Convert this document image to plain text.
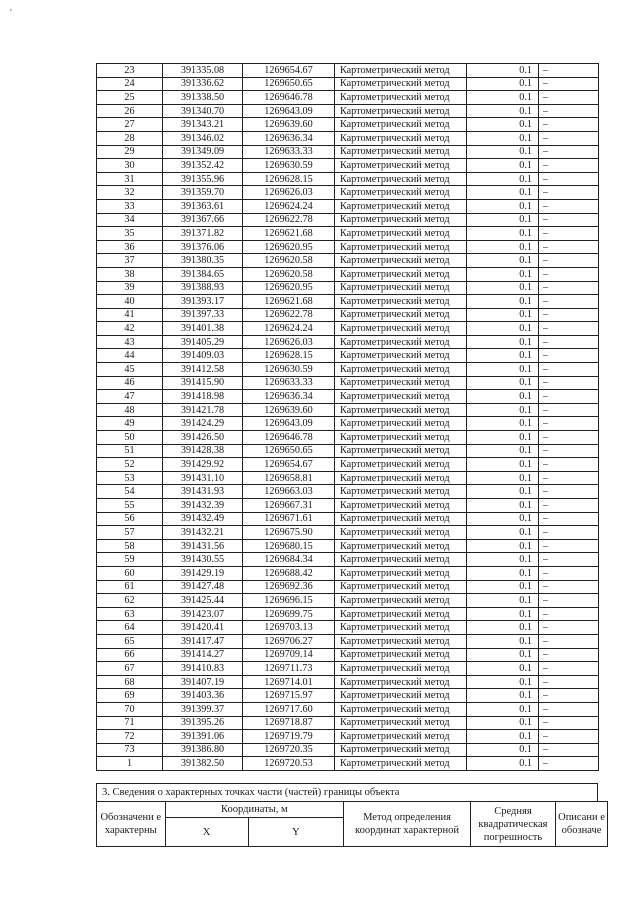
'
23	391335.08	1269654.67	Картометрический метод	0.1	–
24	391336.62	1269650.65	Картометрический метод	0.1	–
25	391338.50	1269646.78	Картометрический метод	0.1	–
26	391340.70	1269643.09	Картометрический метод	0.1	–
27	391343.21	1269639.60	Картометрический метод	0.1	–
28	391346.02	1269636.34	Картометрический метод	0.1	–
29	391349.09	1269633.33	Картометрический метод	0.1	–
30	391352.42	1269630.59	Картометрический метод	0.1	–
31	391355.96	1269628.15	Картометрический метод	0.1	–
32	391359.70	1269626.03	Картометрический метод	0.1	–
33	391363.61	1269624.24	Картометрический метод	0.1	–
34	391367.66	1269622.78	Картометрический метод	0.1	–
35	391371.82	1269621.68	Картометрический метод	0.1	–
36	391376.06	1269620.95	Картометрический метод	0.1	–
37	391380.35	1269620.58	Картометрический метод	0.1	–
38	391384.65	1269620.58	Картометрический метод	0.1	–
39	391388.93	1269620.95	Картометрический метод	0.1	–
40	391393.17	1269621.68	Картометрический метод	0.1	–
41	391397.33	1269622.78	Картометрический метод	0.1	–
42	391401.38	1269624.24	Картометрический метод	0.1	–
43	391405.29	1269626.03	Картометрический метод	0.1	–
44	391409.03	1269628.15	Картометрический метод	0.1	–
45	391412.58	1269630.59	Картометрический метод	0.1	–
46	391415.90	1269633.33	Картометрический метод	0.1	–
47	391418.98	1269636.34	Картометрический метод	0.1	–
48	391421.78	1269639.60	Картометрический метод	0.1	–
49	391424.29	1269643.09	Картометрический метод	0.1	–
50	391426.50	1269646.78	Картометрический метод	0.1	–
51	391428.38	1269650.65	Картометрический метод	0.1	–
52	391429.92	1269654.67	Картометрический метод	0.1	–
53	391431.10	1269658.81	Картометрический метод	0.1	–
54	391431.93	1269663.03	Картометрический метод	0.1	–
55	391432.39	1269667.31	Картометрический метод	0.1	–
56	391432.49	1269671.61	Картометрический метод	0.1	–
57	391432.21	1269675.90	Картометрический метод	0.1	–
58	391431.56	1269680.15	Картометрический метод	0.1	–
59	391430.55	1269684.34	Картометрический метод	0.1	–
60	391429.19	1269688.42	Картометрический метод	0.1	–
61	391427.48	1269692.36	Картометрический метод	0.1	–
62	391425.44	1269696.15	Картометрический метод	0.1	–
63	391423.07	1269699.75	Картометрический метод	0.1	–
64	391420.41	1269703.13	Картометрический метод	0.1	–
65	391417.47	1269706.27	Картометрический метод	0.1	–
66	391414.27	1269709.14	Картометрический метод	0.1	–
67	391410.83	1269711.73	Картометрический метод	0.1	–
68	391407.19	1269714.01	Картометрический метод	0.1	–
69	391403.36	1269715.97	Картометрический метод	0.1	–
70	391399.37	1269717.60	Картометрический метод	0.1	–
71	391395.26	1269718.87	Картометрический метод	0.1	–
72	391391.06	1269719.79	Картометрический метод	0.1	–
73	391386.80	1269720.35	Картометрический метод	0.1	–
1	391382.50	1269720.53	Картометрический метод	0.1	–
3. Сведения о характерных точках части (частей) границы объекта
Обозначени е характерны	Координаты, м		Метод определения координат характерной	Средняя квадратическая погрешность	Описани е обозначе

	X	Y			
